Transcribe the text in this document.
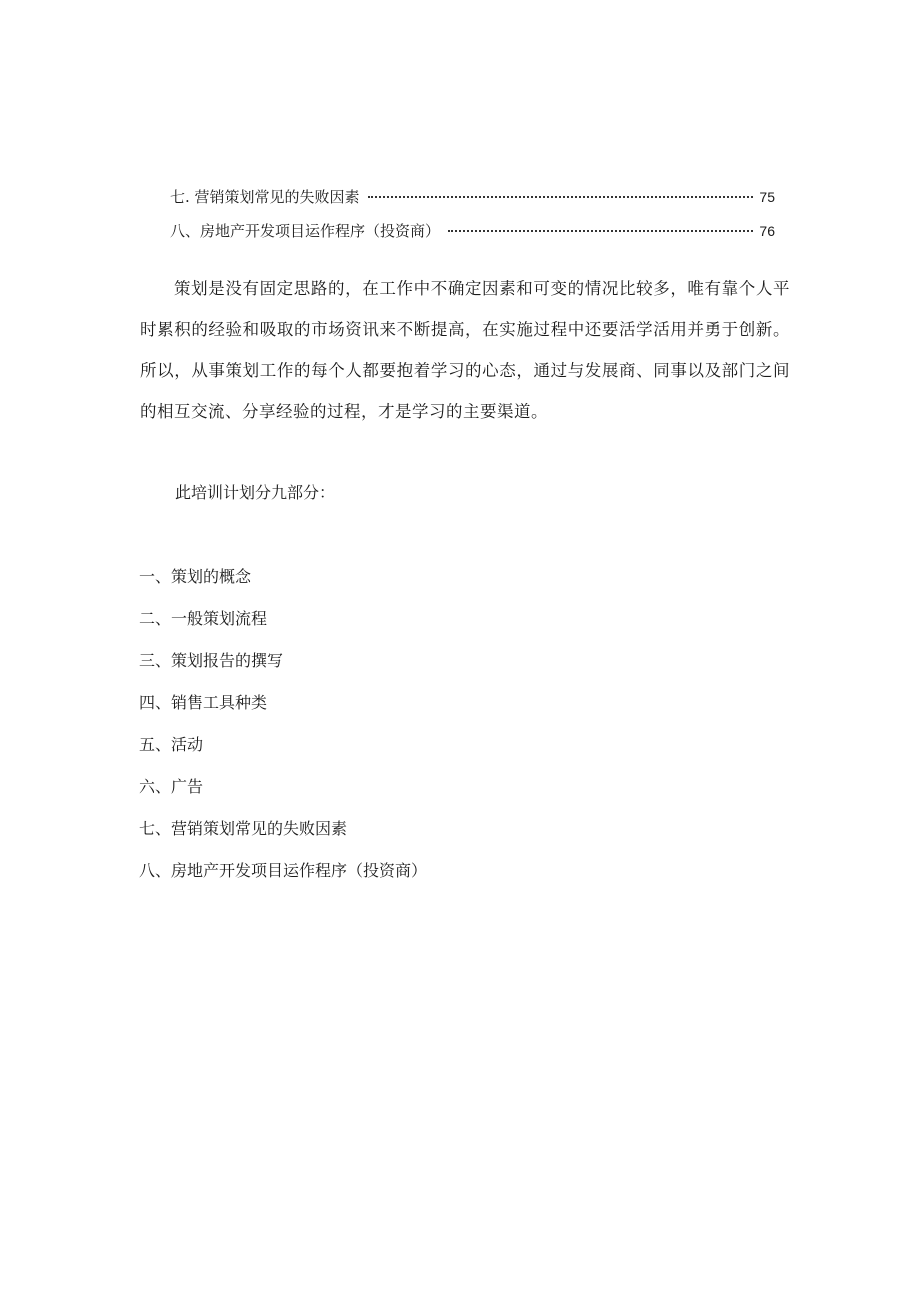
七. 营销策划常见的失败因素	75
八、房地产开发项目运作程序（投资商）	76

策划是没有固定思路的，在工作中不确定因素和可变的情况比较多，唯有靠个人平时累积的经验和吸取的市场资讯来不断提高，在实施过程中还要活学活用并勇于创新。所以，从事策划工作的每个人都要抱着学习的心态，通过与发展商、同事以及部门之间的相互交流、分享经验的过程，才是学习的主要渠道。

此培训计划分九部分：

一、策划的概念
二、一般策划流程
三、策划报告的撰写
四、销售工具种类
五、活动
六、广告
七、营销策划常见的失败因素
八、房地产开发项目运作程序（投资商）
